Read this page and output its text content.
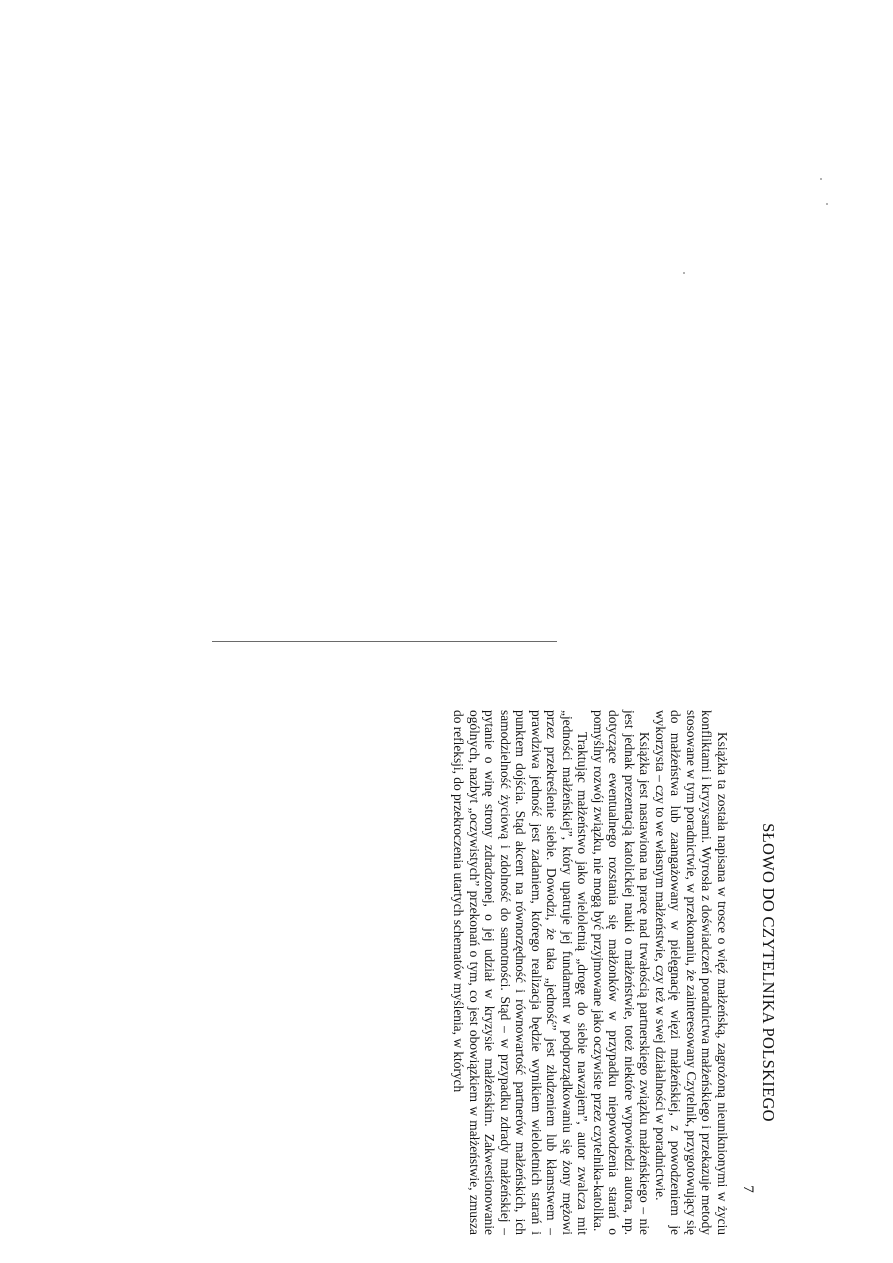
SŁOWO DO CZYTELNIKA POLSKIEGO

Książka ta została napisana w trosce o więź małżeńską, zagrożoną nieuniknionymi w życiu konfliktami i kryzysami. Wyrosła z doświadczeń poradnictwa małżeńskiego i przekazuje metody stosowane w tym poradnictwie, w przekonaniu, że zainteresowany Czytelnik, przygotowujący się do małżeństwa lub zaangażowany w pielęgnację więzi małżeńskiej, z powodzeniem je wykorzysta – czy to we własnym małżeństwie, czy też w swej działalności w poradnictwie.

Książka jest nastawiona na pracę nad trwałością partnerskiego związku małżeńskiego – nie jest jednak prezentacją katolickiej nauki o małżeństwie, toteż niektóre wypowiedzi autora, np. dotyczące ewentualnego rozstania się małżonków w przypadku niepowodzenia starań o pomyślny rozwój związku, nie mogą być przyjmowane jako oczywiste przez czytelnika-katolika.

Traktując małżeństwo jako wieloletnią „drogę do siebie nawzajem”, autor zwalcza mit „jedności małżeńskiej”, który upatruje jej fundament w podporządkowaniu się żony mężowi przez przekreślenie siebie. Dowodzi, że taka „jedność” jest złudzeniem lub kłamstwem – prawdziwa jedność jest zadaniem, którego realizacja będzie wynikiem wieloletnich starań i punktem dojścia. Stąd akcent na równorzędność i równowartość partnerów małżeńskich, ich samodzielność życiową i zdolność do samotności. Stąd – w przypadku zdrady małżeńskiej – pytanie o winę strony zdradzonej, o jej udział w kryzysie małżeńskim. Zakwestionowanie ogólnych, nazbyt „oczywistych” przekonań o tym, co jest obowiązkiem w małżeństwie, zmusza do refleksji, do przekroczenia utartych schematów myślenia, w których

7
